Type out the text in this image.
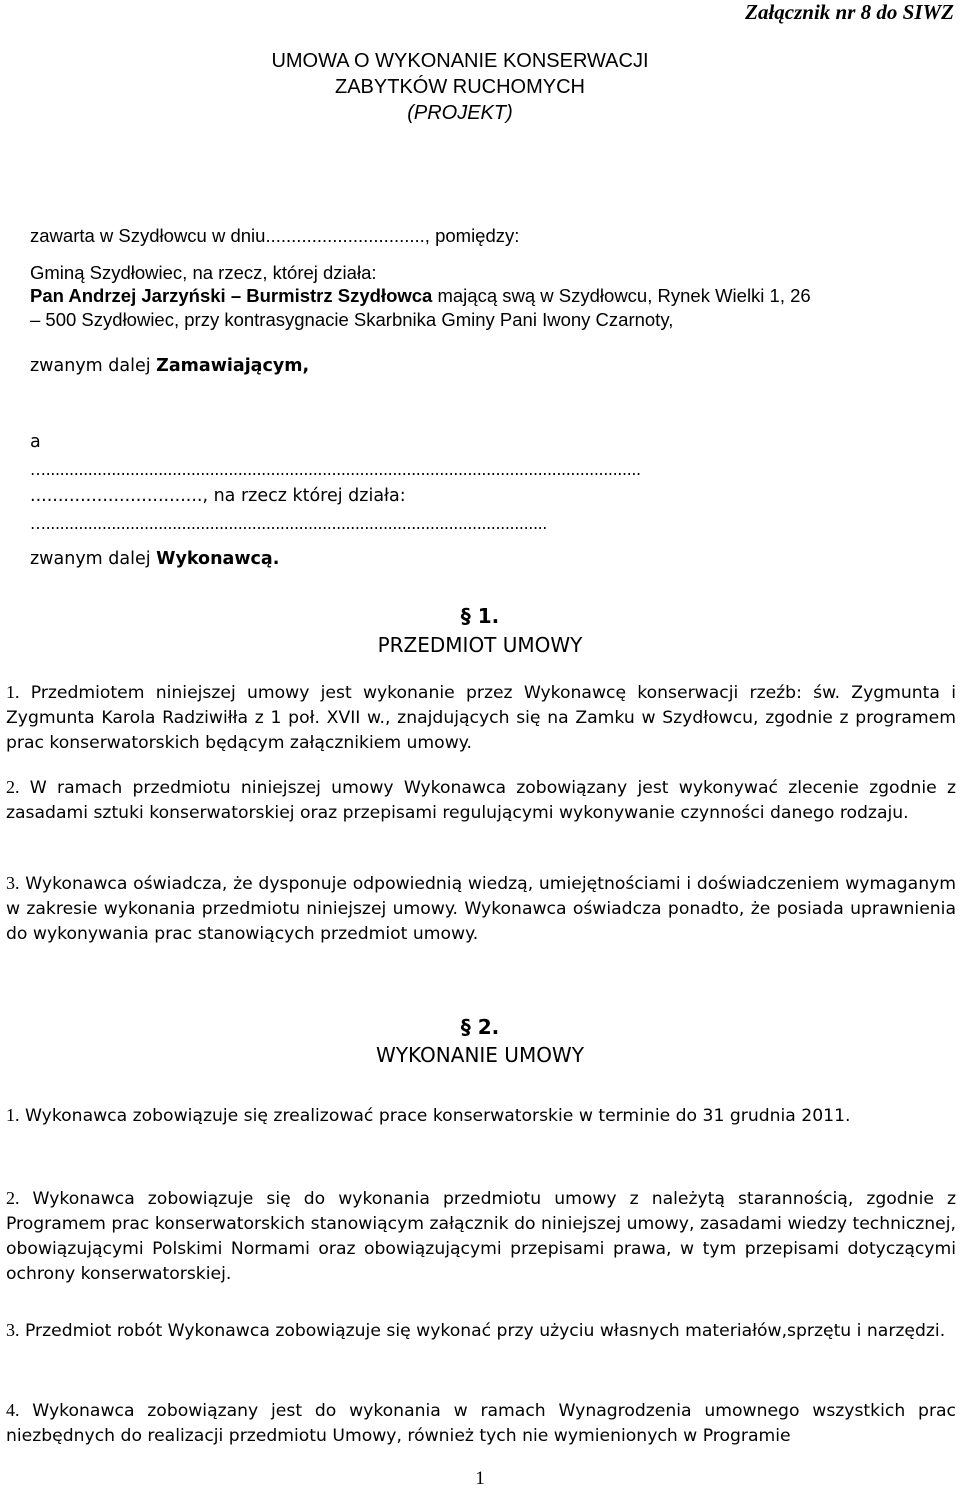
Załącznik nr 8 do SIWZ
UMOWA O WYKONANIE KONSERWACJI
ZABYTKÓW RUCHOMYCH
(PROJEKT)
zawarta w Szydłowcu w dniu..............................., pomiędzy:
Gminą Szydłowiec, na rzecz, której działa:
Pan Andrzej Jarzyński – Burmistrz Szydłowca mającą swą w Szydłowcu, Rynek Wielki 1, 26
– 500 Szydłowiec, przy kontrasygnacie Skarbnika Gminy Pani Iwony Czarnoty,
zwanym dalej Zamawiającym,
a
…...............................................................................................................................
..............................., na rzecz której działa:
…...........................................................................................................
zwanym dalej Wykonawcą.
§ 1.
PRZEDMIOT UMOWY
1. Przedmiotem niniejszej umowy jest wykonanie przez Wykonawcę konserwacji rzeźb: św. Zygmunta i Zygmunta Karola Radziwiłła z 1 poł. XVII w., znajdujących się na Zamku w Szydłowcu, zgodnie z programem prac konserwatorskich będącym załącznikiem umowy.
2. W ramach przedmiotu niniejszej umowy Wykonawca zobowiązany jest wykonywać zlecenie zgodnie z zasadami sztuki konserwatorskiej oraz przepisami regulującymi wykonywanie czynności danego rodzaju.
3. Wykonawca oświadcza, że dysponuje odpowiednią wiedzą, umiejętnościami i doświadczeniem wymaganym w zakresie wykonania przedmiotu niniejszej umowy. Wykonawca oświadcza ponadto, że posiada uprawnienia do wykonywania prac stanowiących przedmiot umowy.
§ 2.
WYKONANIE UMOWY
1. Wykonawca zobowiązuje się zrealizować prace konserwatorskie w terminie do 31 grudnia 2011.
2. Wykonawca zobowiązuje się do wykonania przedmiotu umowy z należytą starannością, zgodnie z Programem prac konserwatorskich stanowiącym załącznik do niniejszej umowy, zasadami wiedzy technicznej, obowiązującymi Polskimi Normami oraz obowiązującymi przepisami prawa, w tym przepisami dotyczącymi ochrony konserwatorskiej.
3. Przedmiot robót Wykonawca zobowiązuje się wykonać przy użyciu własnych materiałów,sprzętu i narzędzi.
4. Wykonawca zobowiązany jest do wykonania w ramach Wynagrodzenia umownego wszystkich prac niezbędnych do realizacji przedmiotu Umowy, również tych nie wymienionych w Programie
1
